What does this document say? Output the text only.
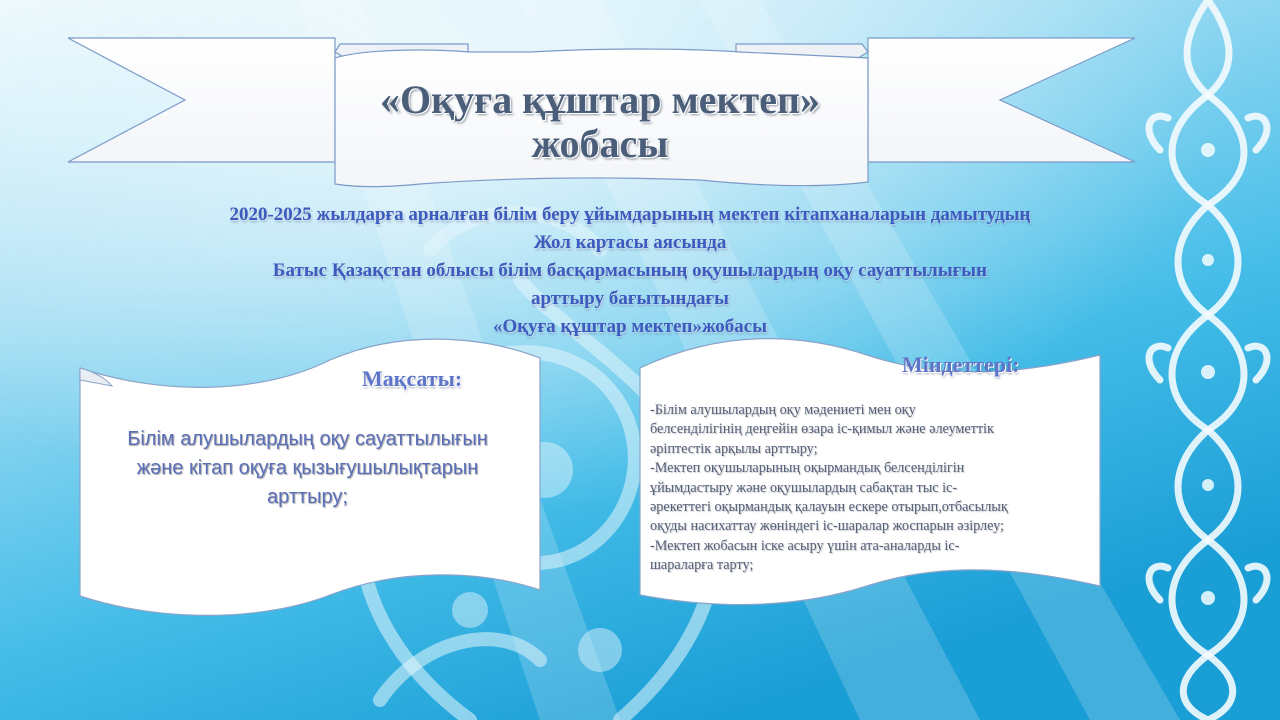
«Оқуға құштар мектеп»
жобасы
2020-2025 жылдарға арналған білім беру ұйымдарының мектеп кітапханаларын дамытудың
Жол картасы аясында
Батыс Қазақстан облысы білім басқармасының оқушылардың оқу сауаттылығын
арттыру бағытындағы
«Оқуға құштар мектеп»жобасы
Мақсаты:
Білім алушылардың оқу сауаттылығын
және кітап оқуға қызығушылықтарын
арттыру;
Міндеттері:
-Білім алушылардың оқу мәдениеті мен оқу
белсенділігінің деңгейін өзара іс-қимыл және әлеуметтік
әріптестік арқылы арттыру;
-Мектеп оқушыларының оқырмандық белсенділігін
ұйымдастыру және оқушылардың сабақтан тыс іс-
әрекеттегі оқырмандық қалауын ескере отырып,отбасылық
оқуды насихаттау жөніндегі іс-шаралар жоспарын әзірлеу;
-Мектеп жобасын іске асыру үшін ата-аналарды іс-
шараларға тарту;
